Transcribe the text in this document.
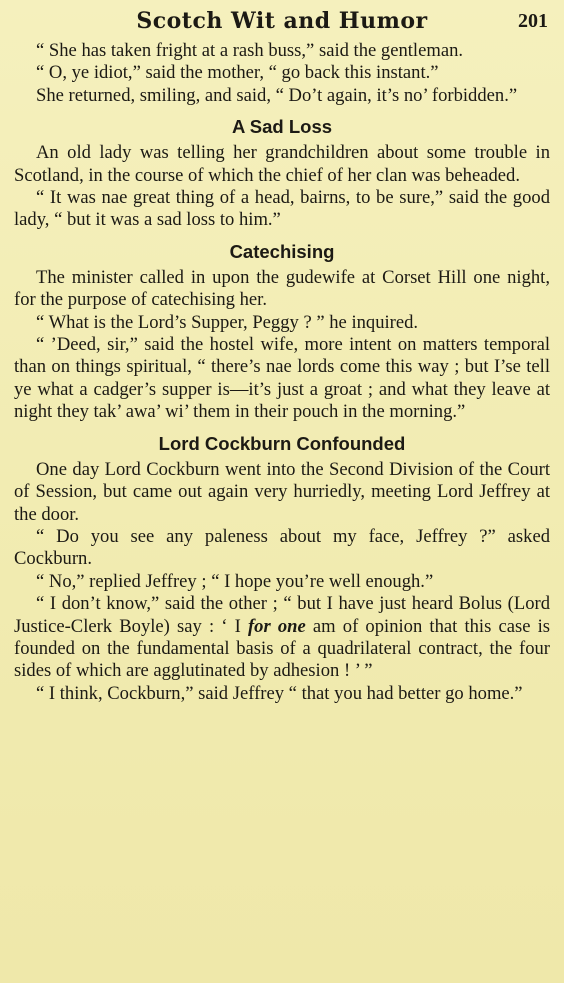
Scotch Wit and Humor	201

“ She has taken fright at a rash buss,” said the gentleman.

“ O, ye idiot,” said the mother, “ go back this instant.”

She returned, smiling, and said, “ Do’t again, it’s no’ forbidden.”

A Sad Loss

An old lady was telling her grandchildren about some trouble in Scotland, in the course of which the chief of her clan was beheaded.

“ It was nae great thing of a head, bairns, to be sure,” said the good lady, “ but it was a sad loss to him.”

Catechising

The minister called in upon the gudewife at Corset Hill one night, for the purpose of catechising her.

“ What is the Lord’s Supper, Peggy ? ” he inquired.

“ ’Deed, sir,” said the hostel wife, more intent on matters temporal than on things spiritual, “ there’s nae lords come this way ; but I’se tell ye what a cadger’s supper is—it’s just a groat ; and what they leave at night they tak’ awa’ wi’ them in their pouch in the morning.”

Lord Cockburn Confounded

One day Lord Cockburn went into the Second Division of the Court of Session, but came out again very hurriedly, meeting Lord Jeffrey at the door.

“ Do you see any paleness about my face, Jeffrey ?” asked Cockburn.

“ No,” replied Jeffrey ; “ I hope you’re well enough.”

“ I don’t know,” said the other ; “ but I have just heard Bolus (Lord Justice-Clerk Boyle) say : ‘ I for one am of opinion that this case is founded on the fundamental basis of a quadrilateral contract, the four sides of which are agglutinated by adhesion ! ’ ”

“ I think, Cockburn,” said Jeffrey “ that you had better go home.”
